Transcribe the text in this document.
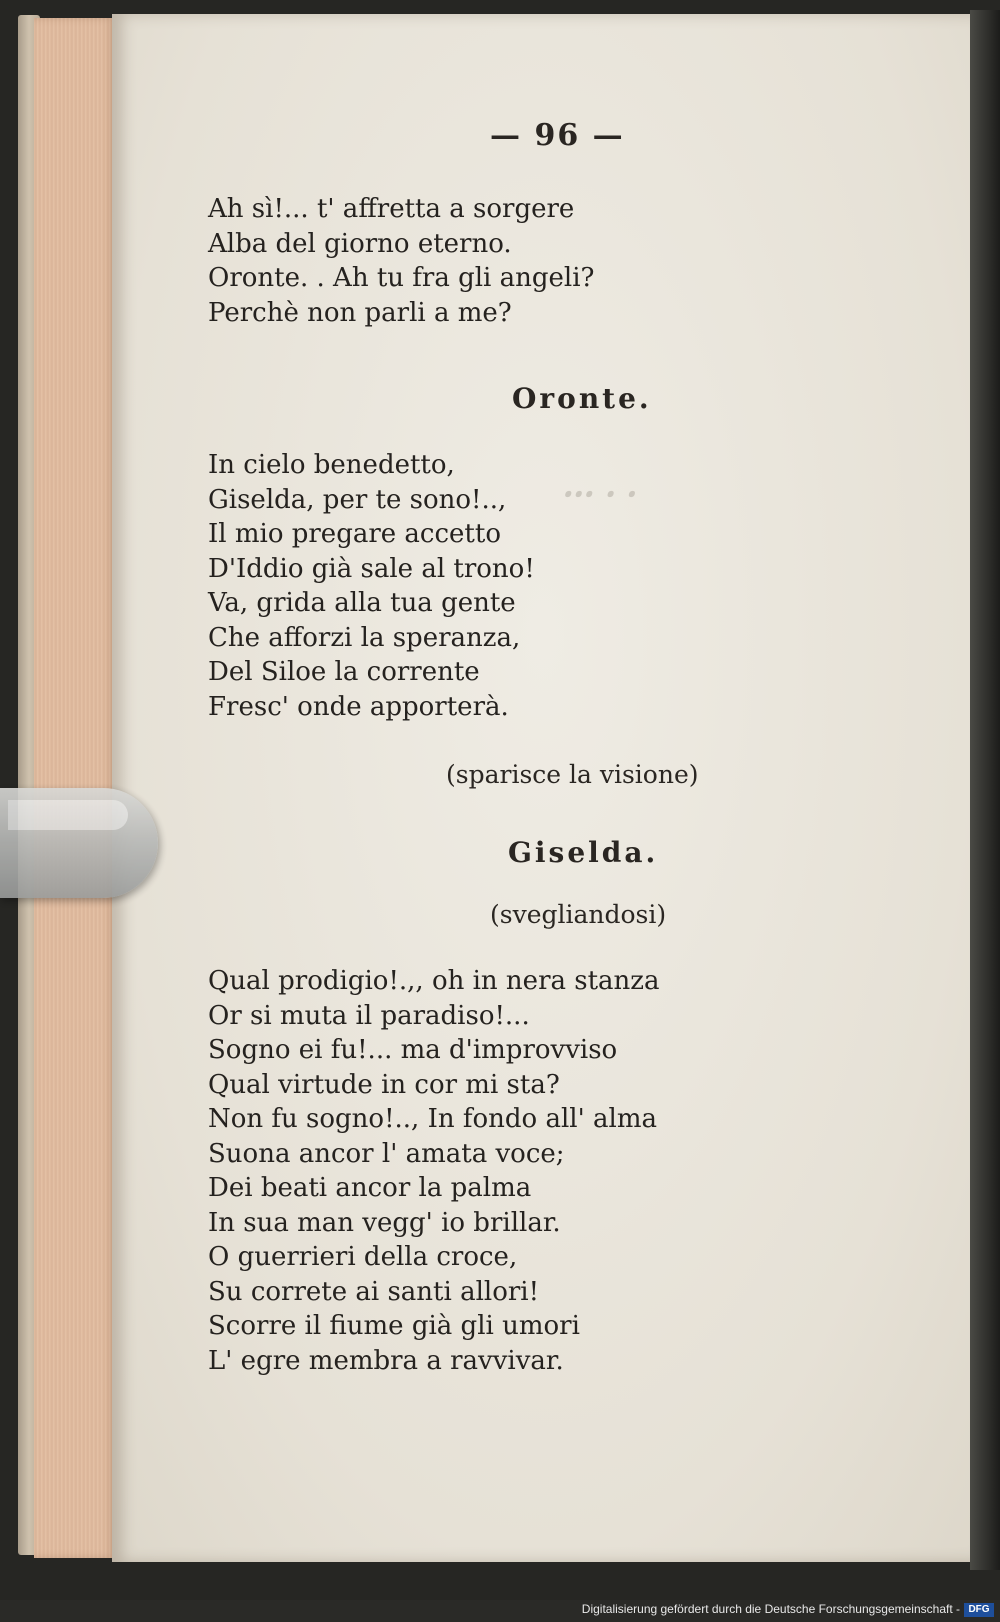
ꞏꞏꞏ ꞏ ꞏ
— 96 —
Ah sì!... t' affretta a sorgere
Alba del giorno eterno.
Oronte. . Ah tu fra gli angeli?
Perchè non parli a me?
Oronte.
In cielo benedetto,
Giselda, per te sono!..,
Il mio pregare accetto
D'Iddio già sale al trono!
Va, grida alla tua gente
Che afforzi la speranza,
Del Siloe la corrente
Fresc' onde apporterà.
(sparisce la visione)
Giselda.
(svegliandosi)
Qual prodigio!.,, oh in nera stanza
Or si muta il paradiso!...
Sogno ei fu!... ma d'improvviso
Qual virtude in cor mi sta?
Non fu sogno!.., In fondo all' alma
Suona ancor l' amata voce;
Dei beati ancor la palma
In sua man vegg' io brillar.
O guerrieri della croce,
Su correte ai santi allori!
Scorre il fiume già gli umori
L' egre membra a ravvivar.
Digitalisierung gefördert durch die Deutsche Forschungsgemeinschaft - DFG
